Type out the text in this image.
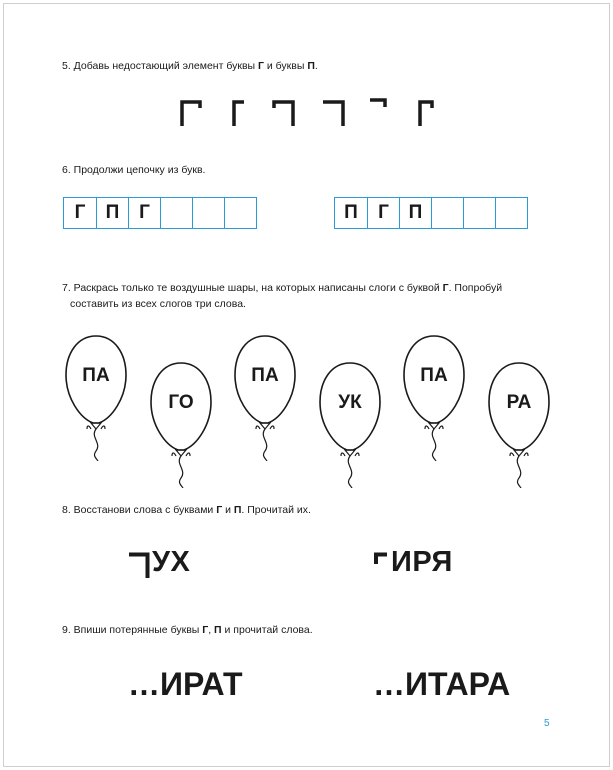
5. Добавь недостающий элемент буквы Г и буквы П.
6. Продолжи цепочку из букв.
Г	П	Г	П	Г	П
7. Раскрась только те воздушные шары, на которых написаны слоги с буквой Г. Попробуй
составить из всех слогов три слова.
ПА
ГО
ПА
УК
ПА
РА
8. Восстанови слова с буквами Г и П. Прочитай их.
УХ	ИРЯ
9. Впиши потерянные буквы Г, П и прочитай слова.
…ИРАТ	…ИТАРА
5
